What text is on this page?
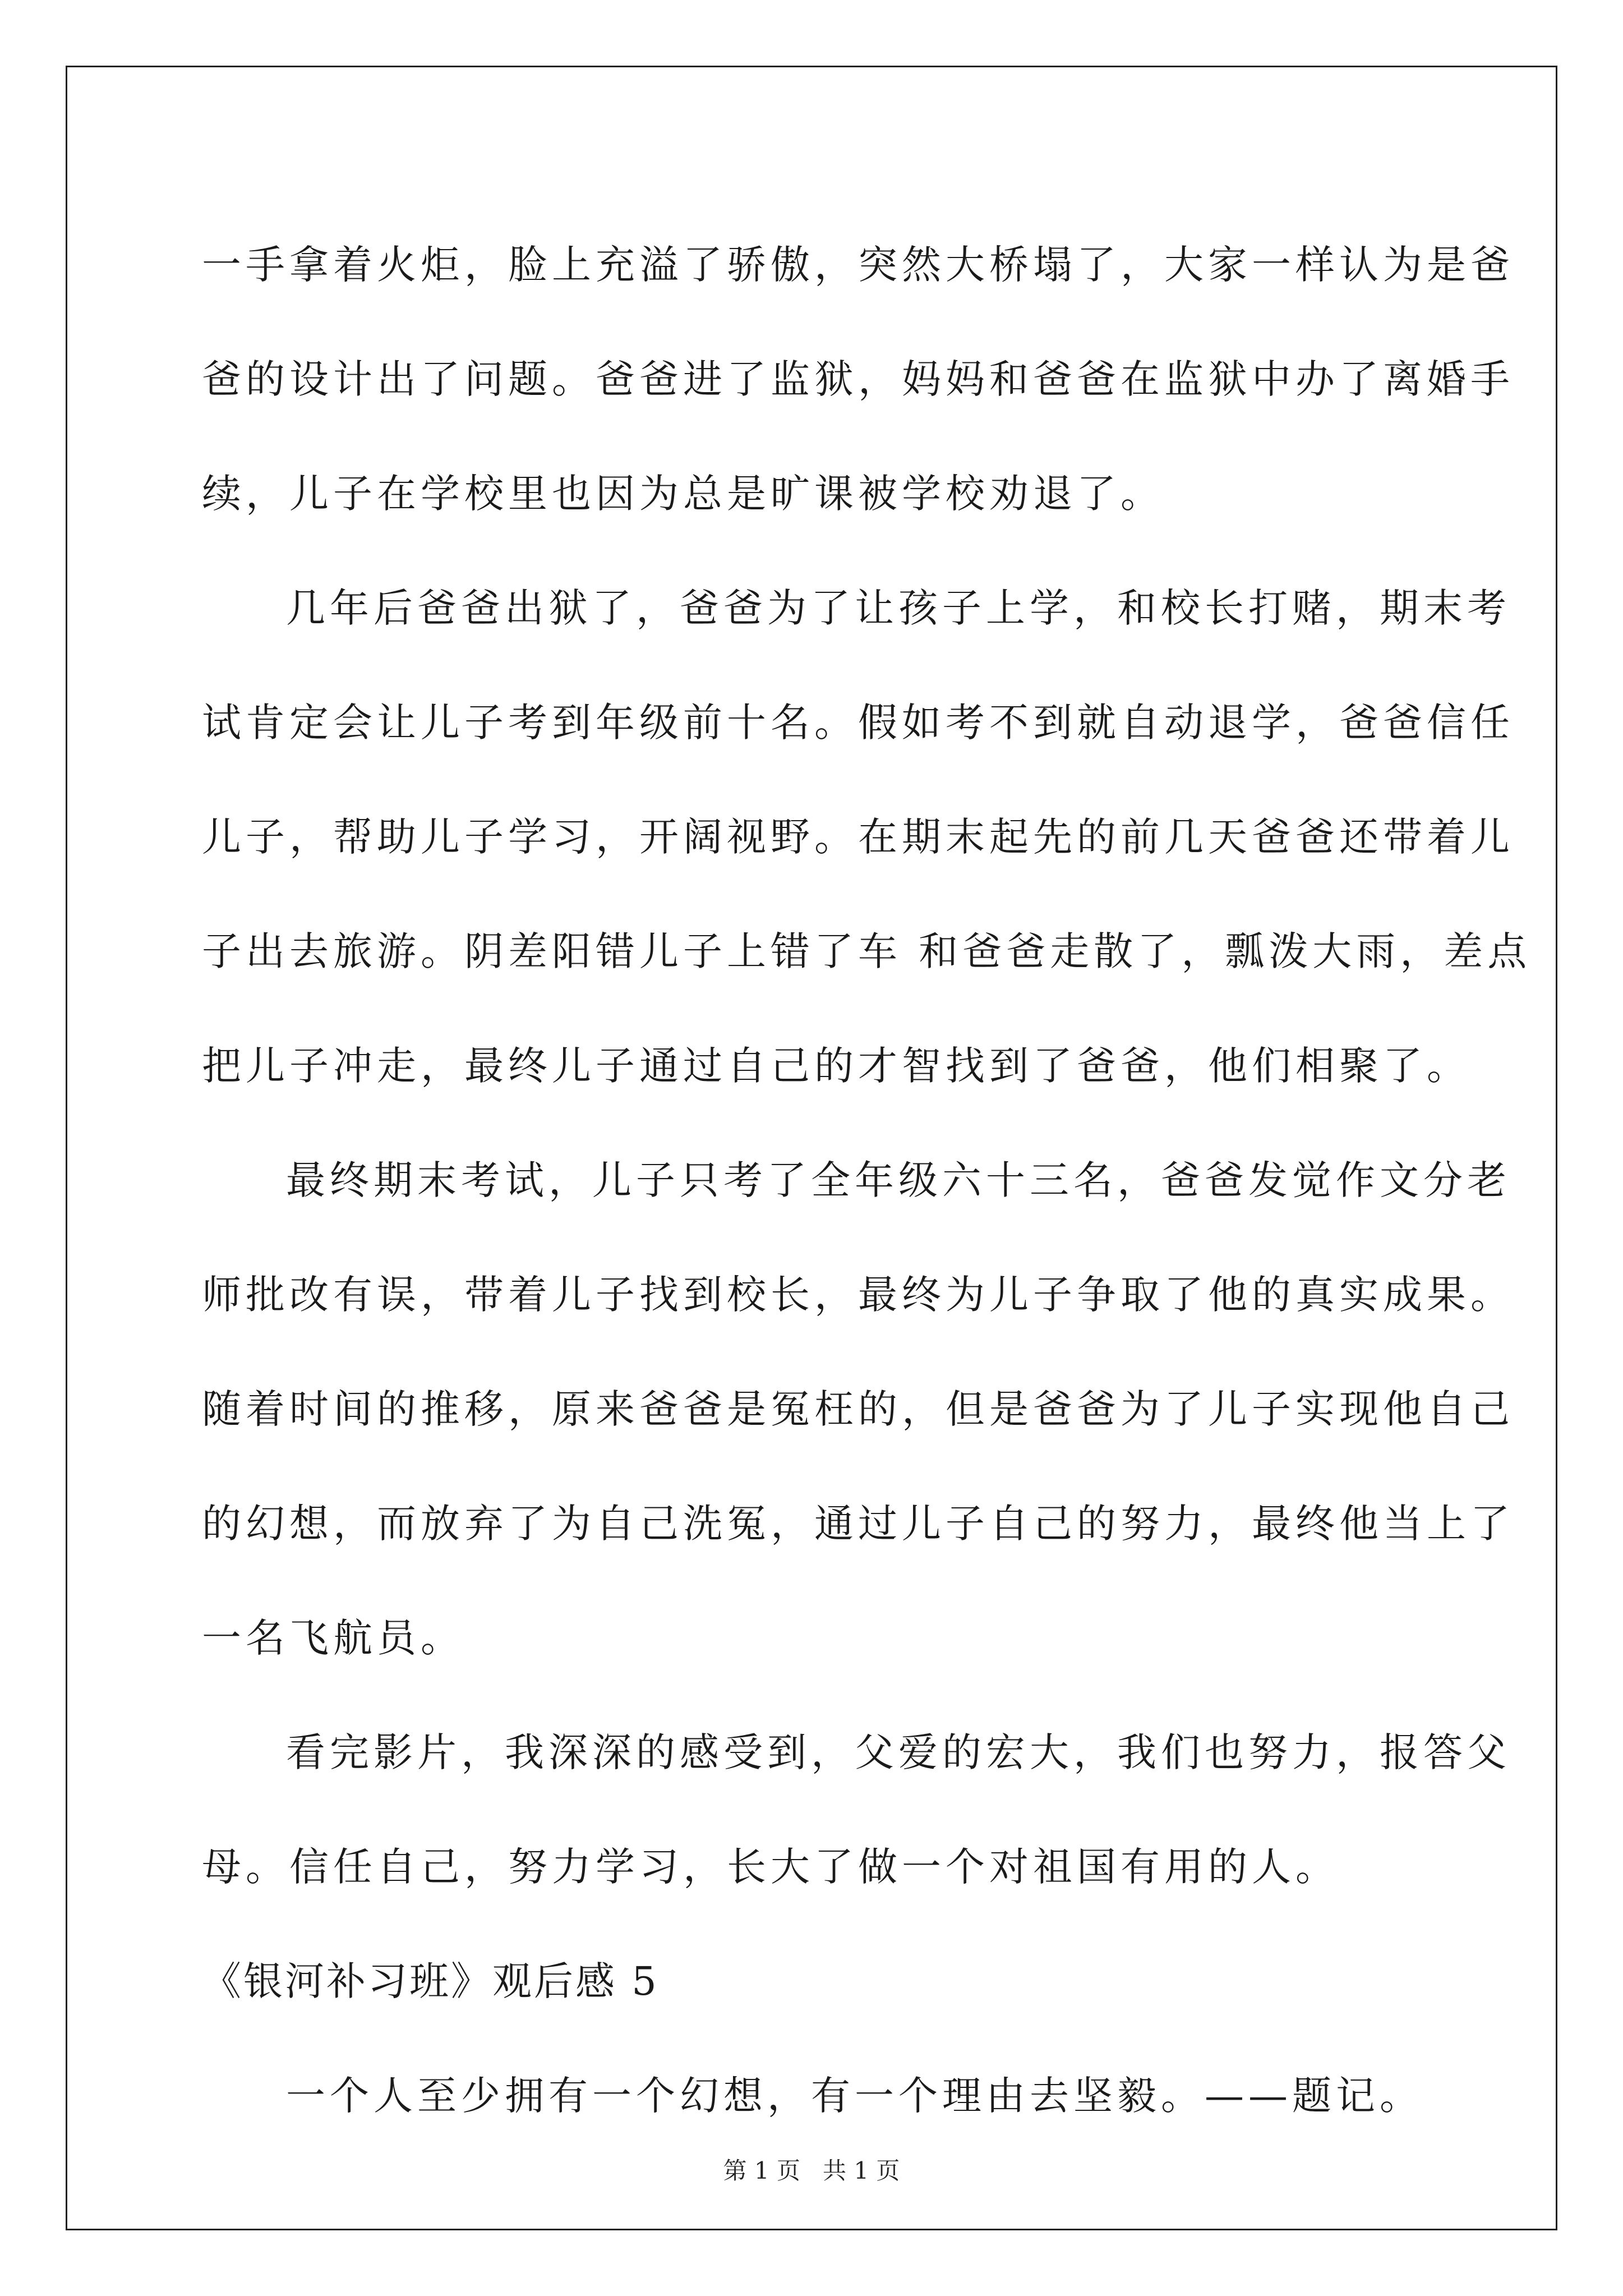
一手拿着火炬，脸上充溢了骄傲，突然大桥塌了，大家一样认为是爸
爸的设计出了问题。爸爸进了监狱，妈妈和爸爸在监狱中办了离婚手
续，儿子在学校里也因为总是旷课被学校劝退了。
几年后爸爸出狱了，爸爸为了让孩子上学，和校长打赌，期末考
试肯定会让儿子考到年级前十名。假如考不到就自动退学，爸爸信任
儿子，帮助儿子学习，开阔视野。在期末起先的前几天爸爸还带着儿
子出去旅游。阴差阳错儿子上错了车 和爸爸走散了，瓢泼大雨，差点
把儿子冲走，最终儿子通过自己的才智找到了爸爸，他们相聚了。
最终期末考试，儿子只考了全年级六十三名，爸爸发觉作文分老
师批改有误，带着儿子找到校长，最终为儿子争取了他的真实成果。
随着时间的推移，原来爸爸是冤枉的，但是爸爸为了儿子实现他自己
的幻想，而放弃了为自己洗冤，通过儿子自己的努力，最终他当上了
一名飞航员。
看完影片，我深深的感受到，父爱的宏大，我们也努力，报答父
母。信任自己，努力学习，长大了做一个对祖国有用的人。
《银河补习班》观后感 5
一个人至少拥有一个幻想，有一个理由去坚毅。——题记。
第 1 页 共 1 页
